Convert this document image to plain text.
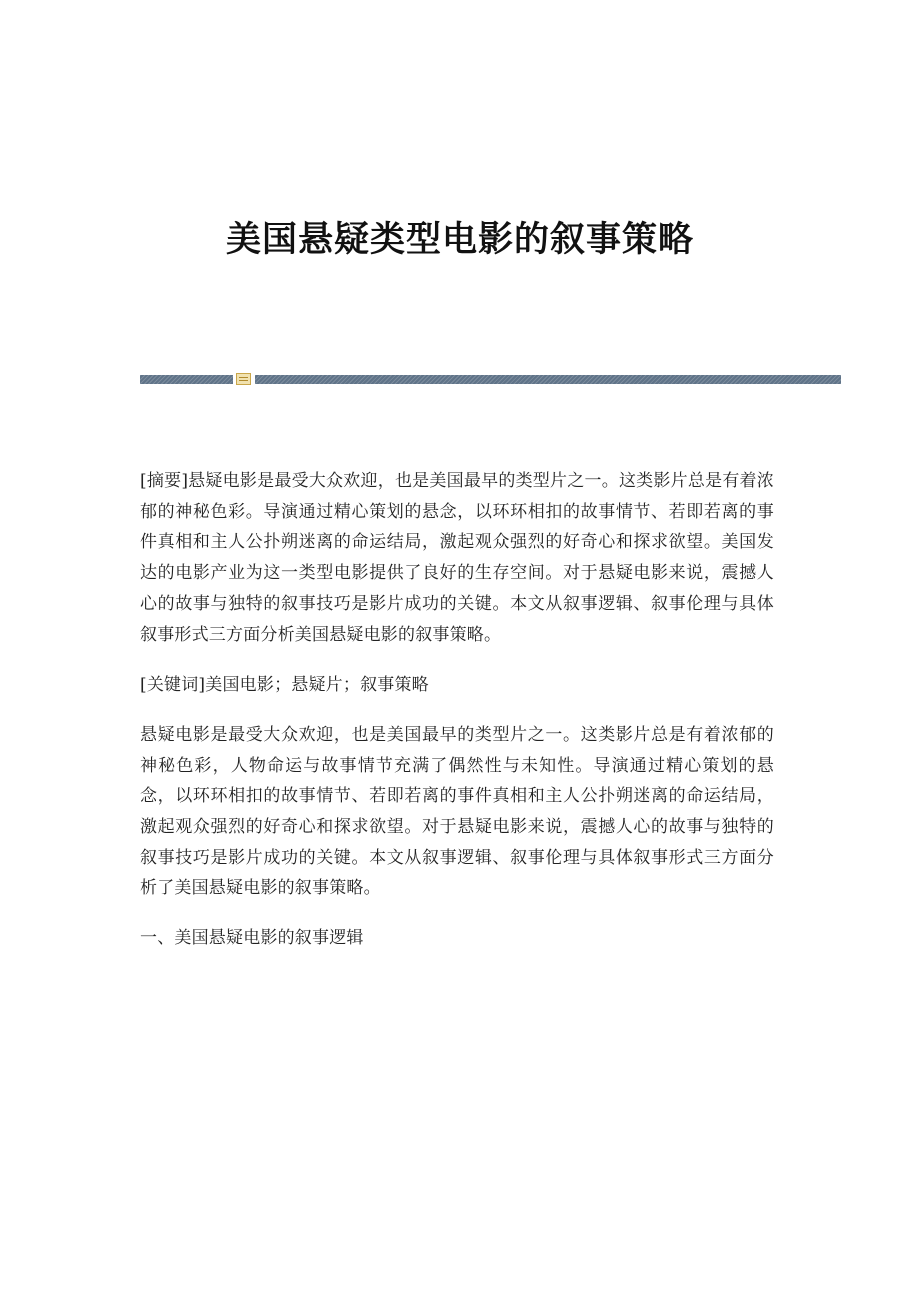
美国悬疑类型电影的叙事策略

[摘要]悬疑电影是最受大众欢迎，也是美国最早的类型片之一。这类影片总是有着浓郁的神秘色彩。导演通过精心策划的悬念，以环环相扣的故事情节、若即若离的事件真相和主人公扑朔迷离的命运结局，激起观众强烈的好奇心和探求欲望。美国发达的电影产业为这一类型电影提供了良好的生存空间。对于悬疑电影来说，震撼人心的故事与独特的叙事技巧是影片成功的关键。本文从叙事逻辑、叙事伦理与具体叙事形式三方面分析美国悬疑电影的叙事策略。

[关键词]美国电影；悬疑片；叙事策略

悬疑电影是最受大众欢迎，也是美国最早的类型片之一。这类影片总是有着浓郁的神秘色彩，人物命运与故事情节充满了偶然性与未知性。导演通过精心策划的悬念，以环环相扣的故事情节、若即若离的事件真相和主人公扑朔迷离的命运结局，激起观众强烈的好奇心和探求欲望。对于悬疑电影来说，震撼人心的故事与独特的叙事技巧是影片成功的关键。本文从叙事逻辑、叙事伦理与具体叙事形式三方面分析了美国悬疑电影的叙事策略。

一、美国悬疑电影的叙事逻辑
